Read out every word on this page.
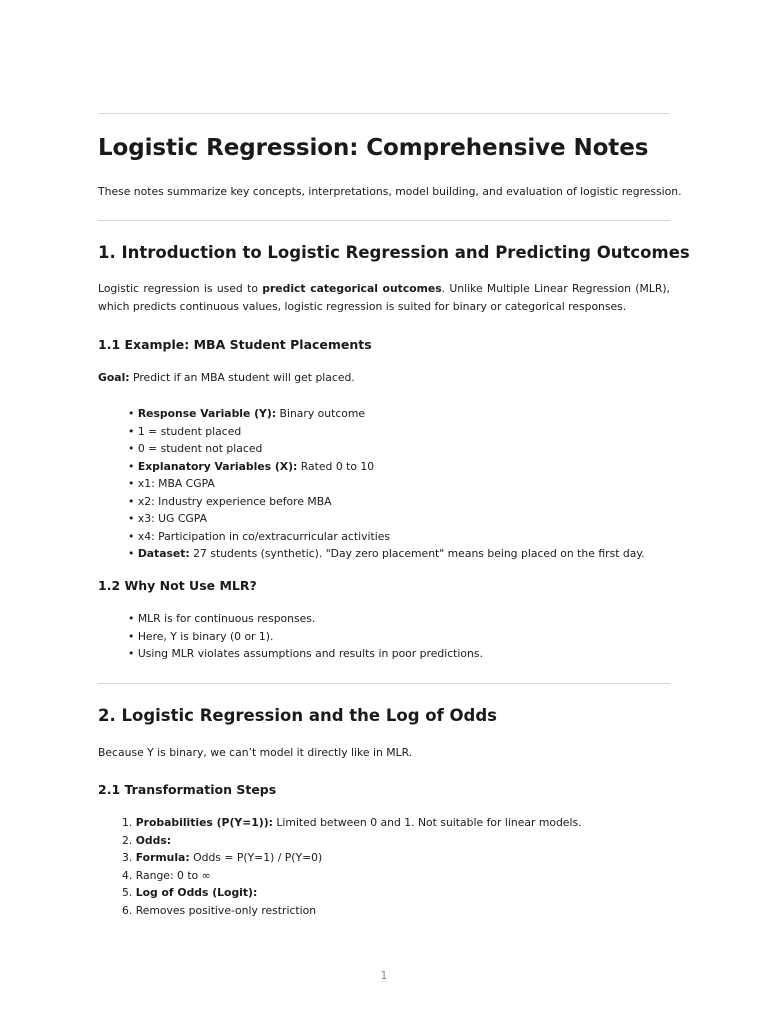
Logistic Regression: Comprehensive Notes

These notes summarize key concepts, interpretations, model building, and evaluation of logistic regression.

1. Introduction to Logistic Regression and Predicting Outcomes

Logistic regression is used to predict categorical outcomes. Unlike Multiple Linear Regression (MLR), which predicts continuous values, logistic regression is suited for binary or categorical responses.

1.1 Example: MBA Student Placements

Goal: Predict if an MBA student will get placed.

• Response Variable (Y): Binary outcome
• 1 = student placed
• 0 = student not placed
• Explanatory Variables (X): Rated 0 to 10
• x1: MBA CGPA
• x2: Industry experience before MBA
• x3: UG CGPA
• x4: Participation in co/extracurricular activities
• Dataset: 27 students (synthetic). "Day zero placement" means being placed on the first day.
1.2 Why Not Use MLR?
• MLR is for continuous responses.
• Here, Y is binary (0 or 1).
• Using MLR violates assumptions and results in poor predictions.
2. Logistic Regression and the Log of Odds

Because Y is binary, we can’t model it directly like in MLR.

2.1 Transformation Steps
1. Probabilities (P(Y=1)): Limited between 0 and 1. Not suitable for linear models.
2. Odds:
3. Formula: Odds = P(Y=1) / P(Y=0)
4. Range: 0 to ∞
5. Log of Odds (Logit):
6. Removes positive-only restriction
1
